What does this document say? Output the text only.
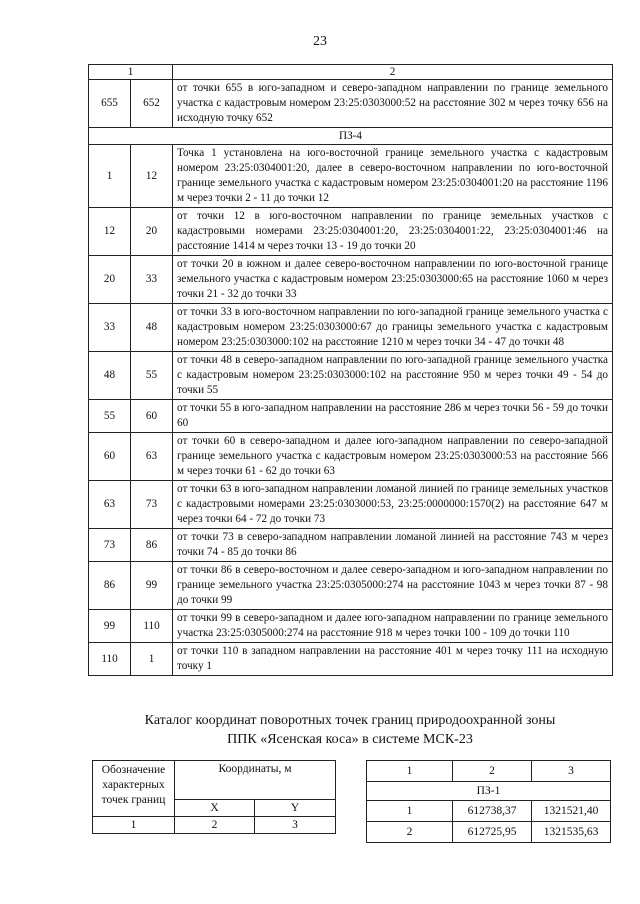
23
1		2
655	652	от точки 655 в юго-западном и северо-западном направлении по границе земельного участка с кадастровым номером 23:25:0303000:52 на расстояние 302 м через точку 656 на исходную точку 652
ПЗ-4		
1	12	Точка 1 установлена на юго-восточной границе земельного участка с кадастровым номером 23:25:0304001:20, далее в северо-восточном направлении по юго-восточной границе земельного участка с кадастровым номером 23:25:0304001:20 на расстояние 1196 м через точки 2 - 11 до точки 12
12	20	от точки 12 в юго-восточном направлении по границе земельных участков с кадастровыми номерами 23:25:0304001:20, 23:25:0304001:22, 23:25:0304001:46 на расстояние 1414 м через точки 13 - 19 до точки 20
20	33	от точки 20 в южном и далее северо-восточном направлении по юго-восточной границе земельного участка с кадастровым номером 23:25:0303000:65 на расстояние 1060 м через точки 21 - 32 до точки 33
33	48	от точки 33 в юго-восточном направлении по юго-западной границе земельного участка с кадастровым номером 23:25:0303000:67 до границы земельного участка с кадастровым номером 23:25:0303000:102 на расстояние 1210 м через точки 34 - 47 до точки 48
48	55	от точки 48 в северо-западном направлении по юго-западной границе земельного участка с кадастровым номером 23:25:0303000:102 на расстояние 950 м через точки 49 - 54 до точки 55
55	60	от точки 55 в юго-западном направлении на расстояние 286 м через точки 56 - 59 до точки 60
60	63	от точки 60 в северо-западном и далее юго-западном направлении по северо-западной границе земельного участка с кадастровым номером 23:25:0303000:53 на расстояние 566 м через точки 61 - 62 до точки 63
63	73	от точки 63 в юго-западном направлении ломаной линией по границе земельных участков с кадастровыми номерами 23:25:0303000:53, 23:25:0000000:1570(2) на расстояние 647 м через точки 64 - 72 до точки 73
73	86	от точки 73 в северо-западном направлении ломаной линией на расстояние 743 м через точки 74 - 85 до точки 86
86	99	от точки 86 в северо-восточном и далее северо-западном и юго-западном направлении по границе земельного участка 23:25:0305000:274 на расстояние 1043 м через точки 87 - 98 до точки 99
99	110	от точки 99 в северо-западном и далее юго-западном направлении по границе земельного участка 23:25:0305000:274 на расстояние 918 м через точки 100 - 109 до точки 110
110	1	от точки 110 в западном направлении на расстояние 401 м через точку 111 на исходную точку 1
Каталог координат поворотных точек границ природоохранной зоны
ППК «Ясенская коса» в системе МСК-23
Обозначение характерных точек границ	Координаты, м	
	X	Y
1	2	3
1	2	3
ПЗ-1		
1	612738,37	1321521,40
2	612725,95	1321535,63
